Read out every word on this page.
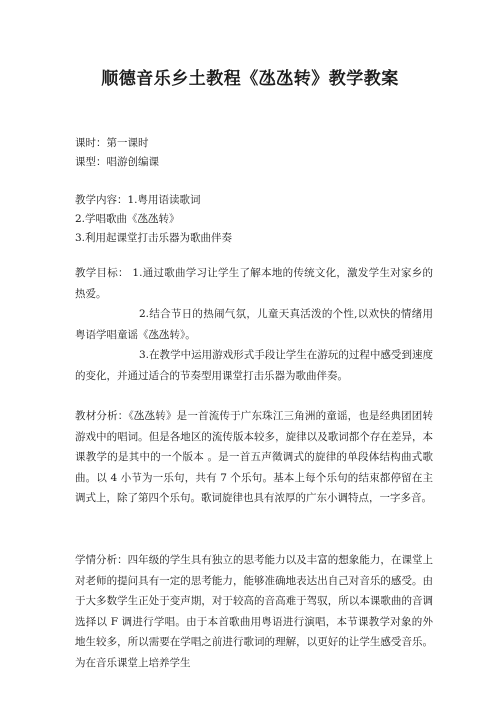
顺德音乐乡土教程《氹氹转》教学教案
课时：第一课时
课型：唱游创编课
教学内容：1.粤用语读歌词
2.学唱歌曲《氹氹转》
3.利用起课堂打击乐器为歌曲伴奏
教学目标： 1.通过歌曲学习让学生了解本地的传统文化，激发学生对家乡的热爱。
2.结合节日的热闹气氛，儿童天真活泼的个性,以欢快的情绪用粤语学唱童谣《氹氹转》。
3.在教学中运用游戏形式手段让学生在游玩的过程中感受到速度的变化，并通过适合的节奏型用课堂打击乐器为歌曲伴奏。
教材分析：《氹氹转》是一首流传于广东珠江三角洲的童谣，也是经典团团转游戏中的唱词。但是各地区的流传版本较多，旋律以及歌词都个存在差异，本课教学的是其中的一个版本 。是一首五声徵调式的旋律的单段体结构曲式歌曲。以 4 小节为一乐句，共有 7 个乐句。基本上每个乐句的结束都停留在主调式上，除了第四个乐句。歌词旋律也具有浓厚的广东小调特点，一字多音。
学情分析：四年级的学生具有独立的思考能力以及丰富的想象能力，在课堂上对老师的提问具有一定的思考能力，能够准确地表达出自己对音乐的感受。由于大多数学生正处于变声期，对于较高的音高难于驾驭，所以本课歌曲的音调选择以 F 调进行学唱。由于本首歌曲用粤语进行演唱，本节课教学对象的外地生较多，所以需要在学唱之前进行歌词的理解，以更好的让学生感受音乐。为在音乐课堂上培养学生
